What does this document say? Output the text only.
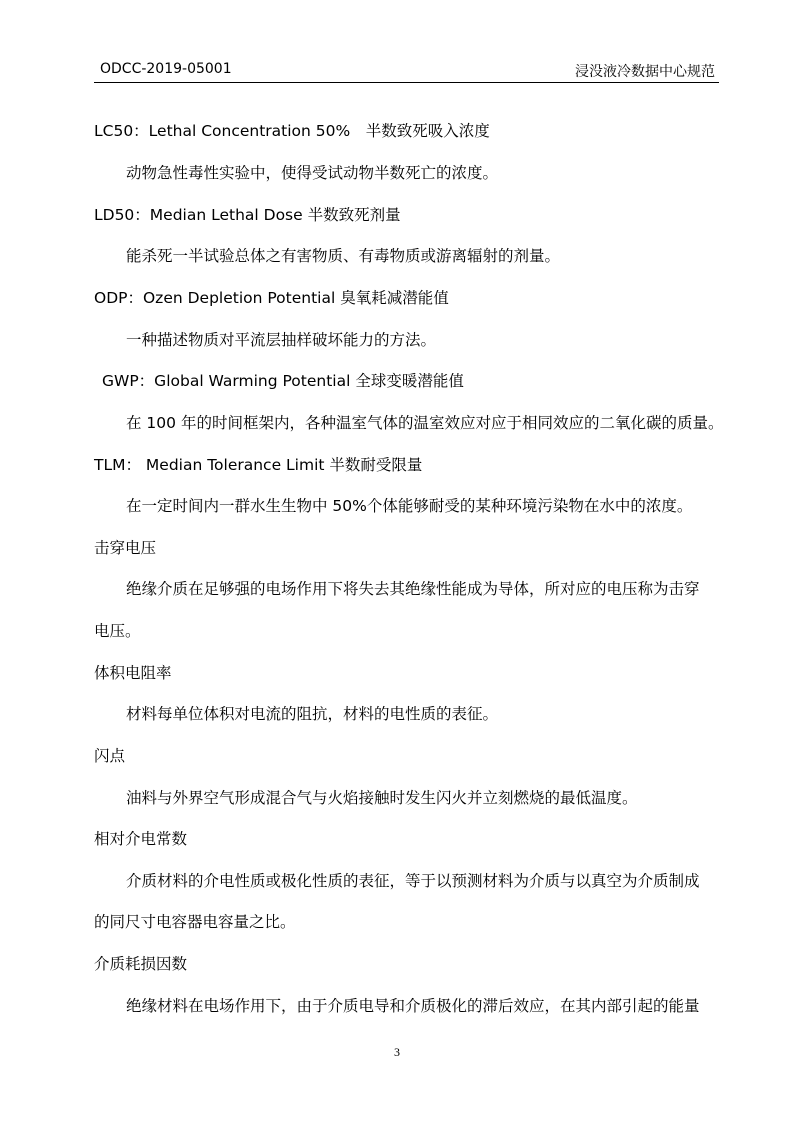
ODCC-2019-05001	浸没液冷数据中心规范
LC50：Lethal Concentration 50%　半数致死吸入浓度
动物急性毒性实验中，使得受试动物半数死亡的浓度。
LD50：Median Lethal Dose 半数致死剂量
能杀死一半试验总体之有害物质、有毒物质或游离辐射的剂量。
ODP：Ozen Depletion Potential 臭氧耗减潜能值
一种描述物质对平流层抽样破坏能力的方法。
GWP：Global Warming Potential 全球变暖潜能值
在 100 年的时间框架内，各种温室气体的温室效应对应于相同效应的二氧化碳的质量。
TLM： Median Tolerance Limit 半数耐受限量
在一定时间内一群水生生物中 50%个体能够耐受的某种环境污染物在水中的浓度。
击穿电压
绝缘介质在足够强的电场作用下将失去其绝缘性能成为导体，所对应的电压称为击穿
电压。
体积电阻率
材料每单位体积对电流的阻抗，材料的电性质的表征。
闪点
油料与外界空气形成混合气与火焰接触时发生闪火并立刻燃烧的最低温度。
相对介电常数
介质材料的介电性质或极化性质的表征，等于以预测材料为介质与以真空为介质制成
的同尺寸电容器电容量之比。
介质耗损因数
绝缘材料在电场作用下，由于介质电导和介质极化的滞后效应，在其内部引起的能量
3
